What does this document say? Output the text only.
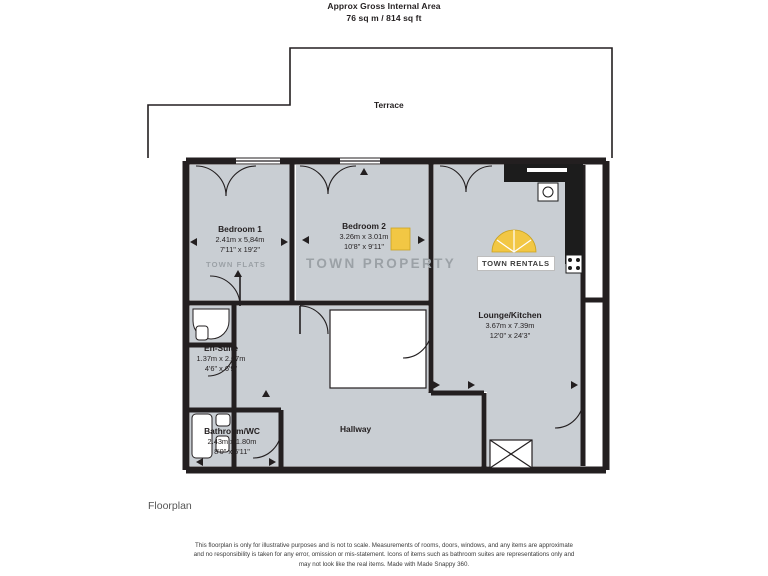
Approx Gross Internal Area
76 sq m / 814 sq ft
Terrace
Bedroom 1
2.41m x 5,84m
7'11" x 19'2"
Bedroom 2
3.26m x 3.01m
10'8" x 9'11"
Lounge/Kitchen
3.67m x 7.39m
12'0" x 24'3"
En-Suite
1.37m x 2.07m
4'6" x 6'9"
Bathroom/WC
2.43m x 1.80m
8'0" x 5'11"
Hallway
TOWN PROPERTY
TOWN FLATS	TOWN RENTALS
Floorplan
This floorplan is only for illustrative purposes and is not to scale. Measurements of rooms, doors, windows, and any items are approximate
and no responsibility is taken for any error, omission or mis-statement. Icons of items such as bathroom suites are representations only and
may not look like the real items. Made with Made Snappy 360.
